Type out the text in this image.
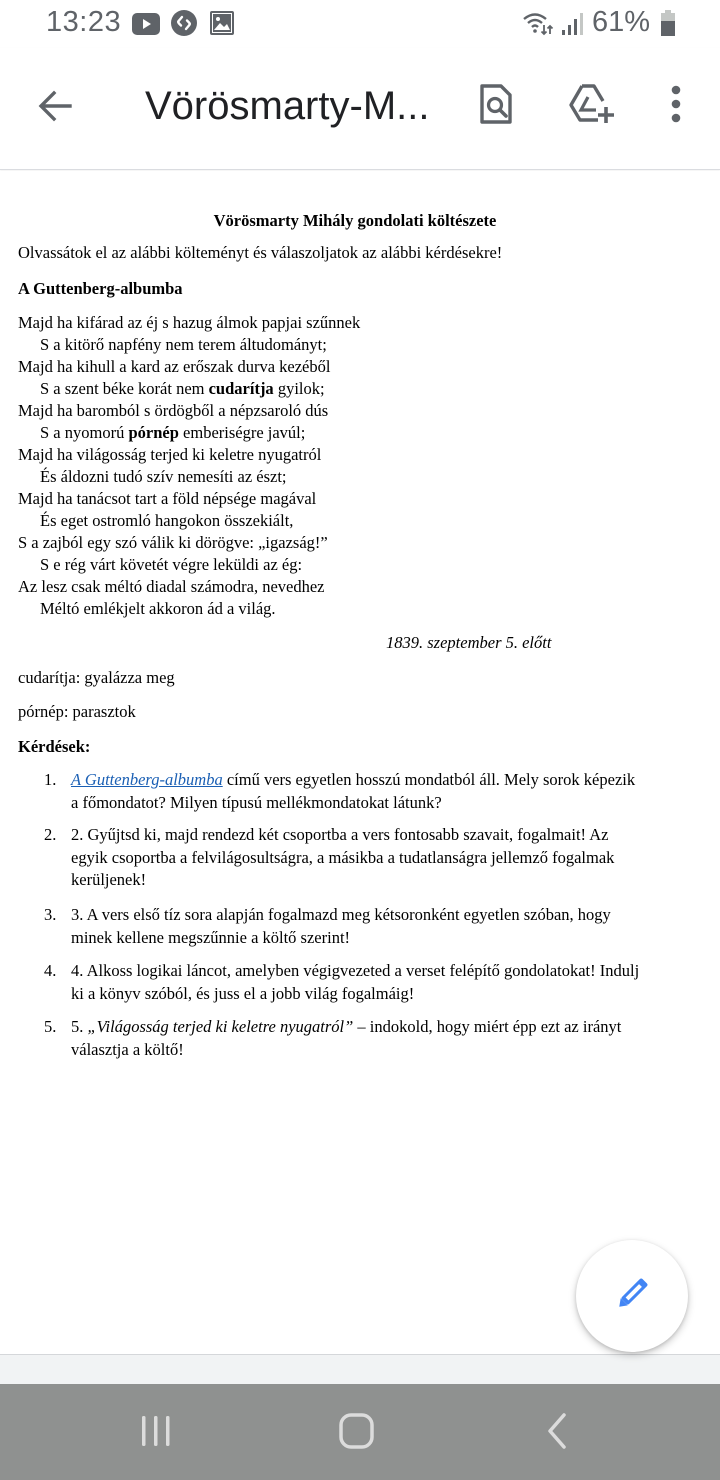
13:23	61%
Vörösmarty-M...
Vörösmarty Mihály gondolati költészete
Olvassátok el az alábbi költeményt és válaszoljatok az alábbi kérdésekre!
A Guttenberg-albumba
Majd ha kifárad az éj s hazug álmok papjai szűnnek
S a kitörő napfény nem terem áltudományt;
Majd ha kihull a kard az erőszak durva kezéből
S a szent béke korát nem cudarítja gyilok;
Majd ha baromból s ördögből a népzsaroló dús
S a nyomorú pórnép emberiségre javúl;
Majd ha világosság terjed ki keletre nyugatról
És áldozni tudó szív nemesíti az észt;
Majd ha tanácsot tart a föld népsége magával
És eget ostromló hangokon összekiált,
S a zajból egy szó válik ki dörögve: „igazság!”
S e rég várt követét végre leküldi az ég:
Az lesz csak méltó diadal számodra, nevedhez
Méltó emlékjelt akkoron ád a világ.
1839. szeptember 5. előtt
cudarítja: gyalázza meg
pórnép: parasztok
Kérdések:
1. A Guttenberg-albumba című vers egyetlen hosszú mondatból áll. Mely sorok képezik
a főmondatot? Milyen típusú mellékmondatokat látunk?
2. 2. Gyűjtsd ki, majd rendezd két csoportba a vers fontosabb szavait, fogalmait! Az
egyik csoportba a felvilágosultságra, a másikba a tudatlanságra jellemző fogalmak
kerüljenek!
3. 3. A vers első tíz sora alapján fogalmazd meg kétsoronként egyetlen szóban, hogy
minek kellene megszűnnie a költő szerint!
4. 4. Alkoss logikai láncot, amelyben végigvezeted a verset felépítő gondolatokat! Indulj
ki a könyv szóból, és juss el a jobb világ fogalmáig!
5. 5. „Világosság terjed ki keletre nyugatról” – indokold, hogy miért épp ezt az irányt
választja a költő!
